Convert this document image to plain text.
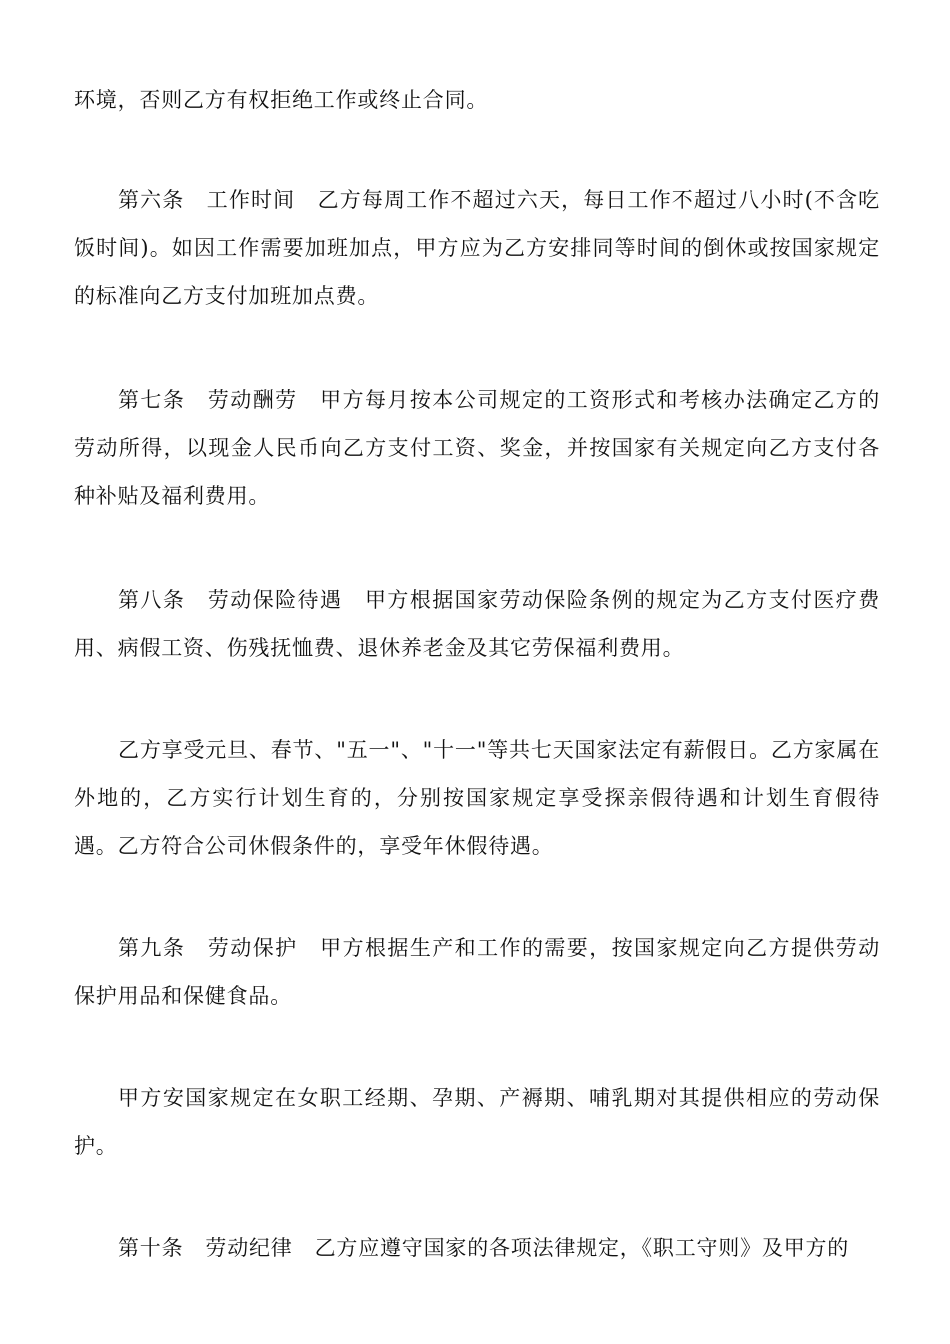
环境，否则乙方有权拒绝工作或终止合同。

第六条 工作时间 乙方每周工作不超过六天，每日工作不超过八小时(不含吃饭时间)。如因工作需要加班加点，甲方应为乙方安排同等时间的倒休或按国家规定的标准向乙方支付加班加点费。

第七条 劳动酬劳 甲方每月按本公司规定的工资形式和考核办法确定乙方的劳动所得，以现金人民币向乙方支付工资、奖金，并按国家有关规定向乙方支付各种补贴及福利费用。

第八条 劳动保险待遇 甲方根据国家劳动保险条例的规定为乙方支付医疗费用、病假工资、伤残抚恤费、退休养老金及其它劳保福利费用。

乙方享受元旦、春节、"五一"、"十一"等共七天国家法定有薪假日。乙方家属在外地的，乙方实行计划生育的，分别按国家规定享受探亲假待遇和计划生育假待遇。乙方符合公司休假条件的，享受年休假待遇。

第九条 劳动保护 甲方根据生产和工作的需要，按国家规定向乙方提供劳动保护用品和保健食品。

甲方安国家规定在女职工经期、孕期、产褥期、哺乳期对其提供相应的劳动保护。

第十条 劳动纪律 乙方应遵守国家的各项法律规定，《职工守则》及甲方的
